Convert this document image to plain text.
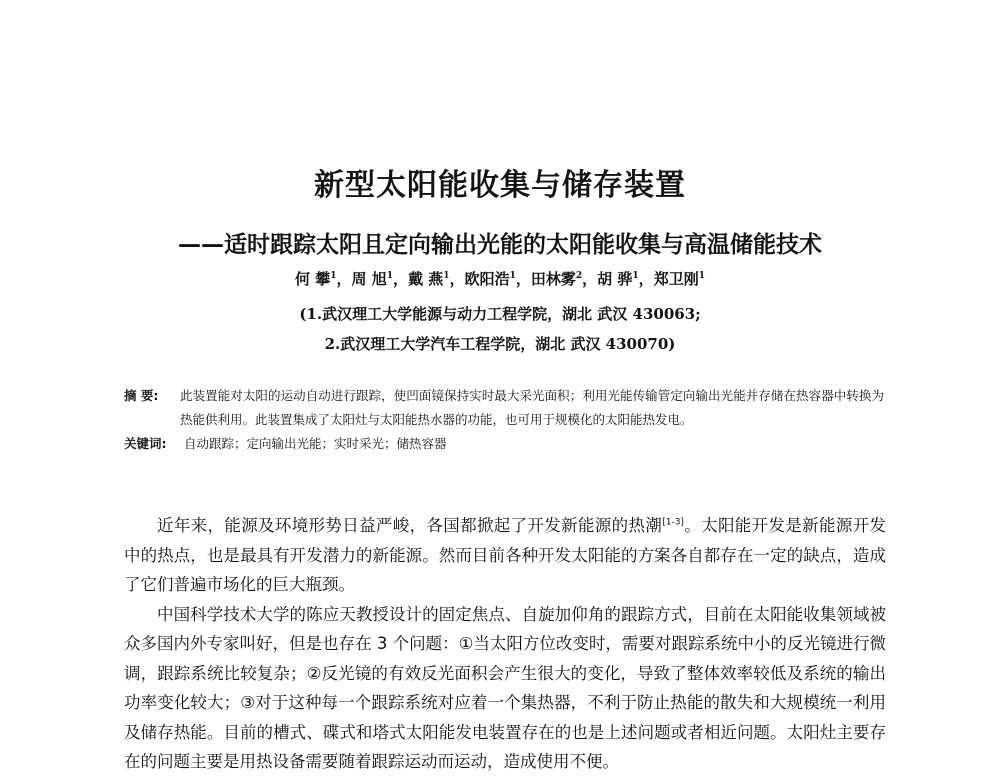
新型太阳能收集与储存装置
——适时跟踪太阳且定向输出光能的太阳能收集与高温储能技术
何 攀$^1$，周 旭$^1$，戴 燕$^1$，欧阳浩$^1$，田林雾$^2$，胡 骅$^1$，郑卫刚$^1$
(1.武汉理工大学能源与动力工程学院，湖北 武汉 430063;
2.武汉理工大学汽车工程学院，湖北 武汉 430070)
摘 要:	此装置能对太阳的运动自动进行跟踪，使凹面镜保持实时最大采光面积；利用光能传输管定向输出光能并存储在热容器中转换为热能供利用。此装置集成了太阳灶与太阳能热水器的功能，也可用于规模化的太阳能热发电。
关键词:	自动跟踪；定向输出光能；实时采光；储热容器

近年来，能源及环境形势日益严峻，各国都掀起了开发新能源的热潮[1-3]。太阳能开发是新能源开发中的热点，也是最具有开发潜力的新能源。然而目前各种开发太阳能的方案各自都存在一定的缺点，造成了它们普遍市场化的巨大瓶颈。

中国科学技术大学的陈应天教授设计的固定焦点、自旋加仰角的跟踪方式，目前在太阳能收集领域被众多国内外专家叫好，但是也存在 3 个问题：①当太阳方位改变时，需要对跟踪系统中小的反光镜进行微调，跟踪系统比较复杂；②反光镜的有效反光面积会产生很大的变化，导致了整体效率较低及系统的输出功率变化较大；③对于这种每一个跟踪系统对应着一个集热器，不利于防止热能的散失和大规模统一利用及储存热能。目前的槽式、碟式和塔式太阳能发电装置存在的也是上述问题或者相近问题。太阳灶主要存在的问题主要是用热设备需要随着跟踪运动而运动，造成使用不便。
